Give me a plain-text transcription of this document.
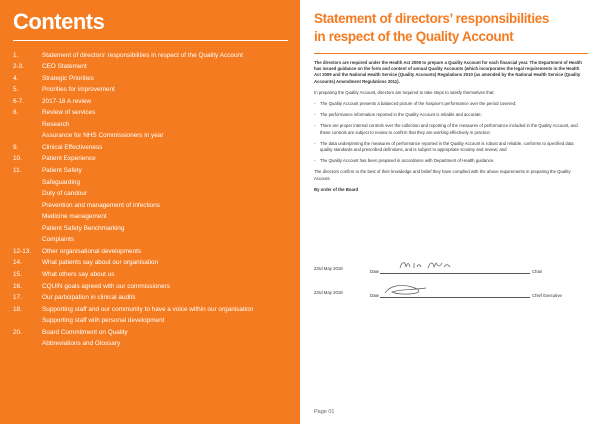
Contents
1.	Statement of directors' responsibilities in respect of the Quality Account
2-3.	CEO Statement
4.	Strategic Priorities
5.	Priorities for improvement
6-7.	2017-18 A review
8.	Review of services
Research
Assurance for NHS Commissioners in year
9.	Clinical Effectiveness
10.	Patient Experience
11.	Patient Safety
Safeguarding
Duty of candour
Prevention and management of infections
Medicine management
Patient Safety Benchmarking
Complaints
12-13.	Other organisational developments
14.	What patients say about our organisation
15.	What others say about us
16.	CQUIN goals agreed with our commissioners
17.	Our participation in clinical audits
18.	Supporting staff and our community to have a voice within our organisation
Supporting staff with personal development
20.	Board Commitment on Quality
Abbreviations and Glossary
Statement of directors’ responsibilities
in respect of the Quality Account

The directors are required under the Health Act 2009 to prepare a Quality Account for each financial year. The Department of Health has issued guidance on the form and content of annual Quality Accounts (which incorporates the legal requirements in the Health Act 2009 and the National Health Service (Quality Accounts) Regulations 2010 (as amended by the National Health Service (Quality Accounts) Amendment Regulations 2011).

In preparing the Quality Account, directors are required to take steps to satisfy themselves that:

-	The Quality Account presents a balanced picture of the hospice's performance over the period covered;
-	The performance information reported in the Quality Account is reliable and accurate;
-	There are proper internal controls over the collection and reporting of the measures of performance included in the Quality Account, and these controls are subject to review to confirm that they are working effectively in practice;
-	The data underpinning the measures of performance reported in the Quality Account is robust and reliable, conforms to specified data quality standards and prescribed definitions, and is subject to appropriate scrutiny and review; and
-	The Quality Account has been prepared in accordance with Department of Health guidance.

The directors confirm to the best of their knowledge and belief they have complied with the above requirements in preparing the Quality Account.

By order of the Board

23rd May 2018
Date	Chair
23rd May 2018
Date	Chief Executive
Page 01
